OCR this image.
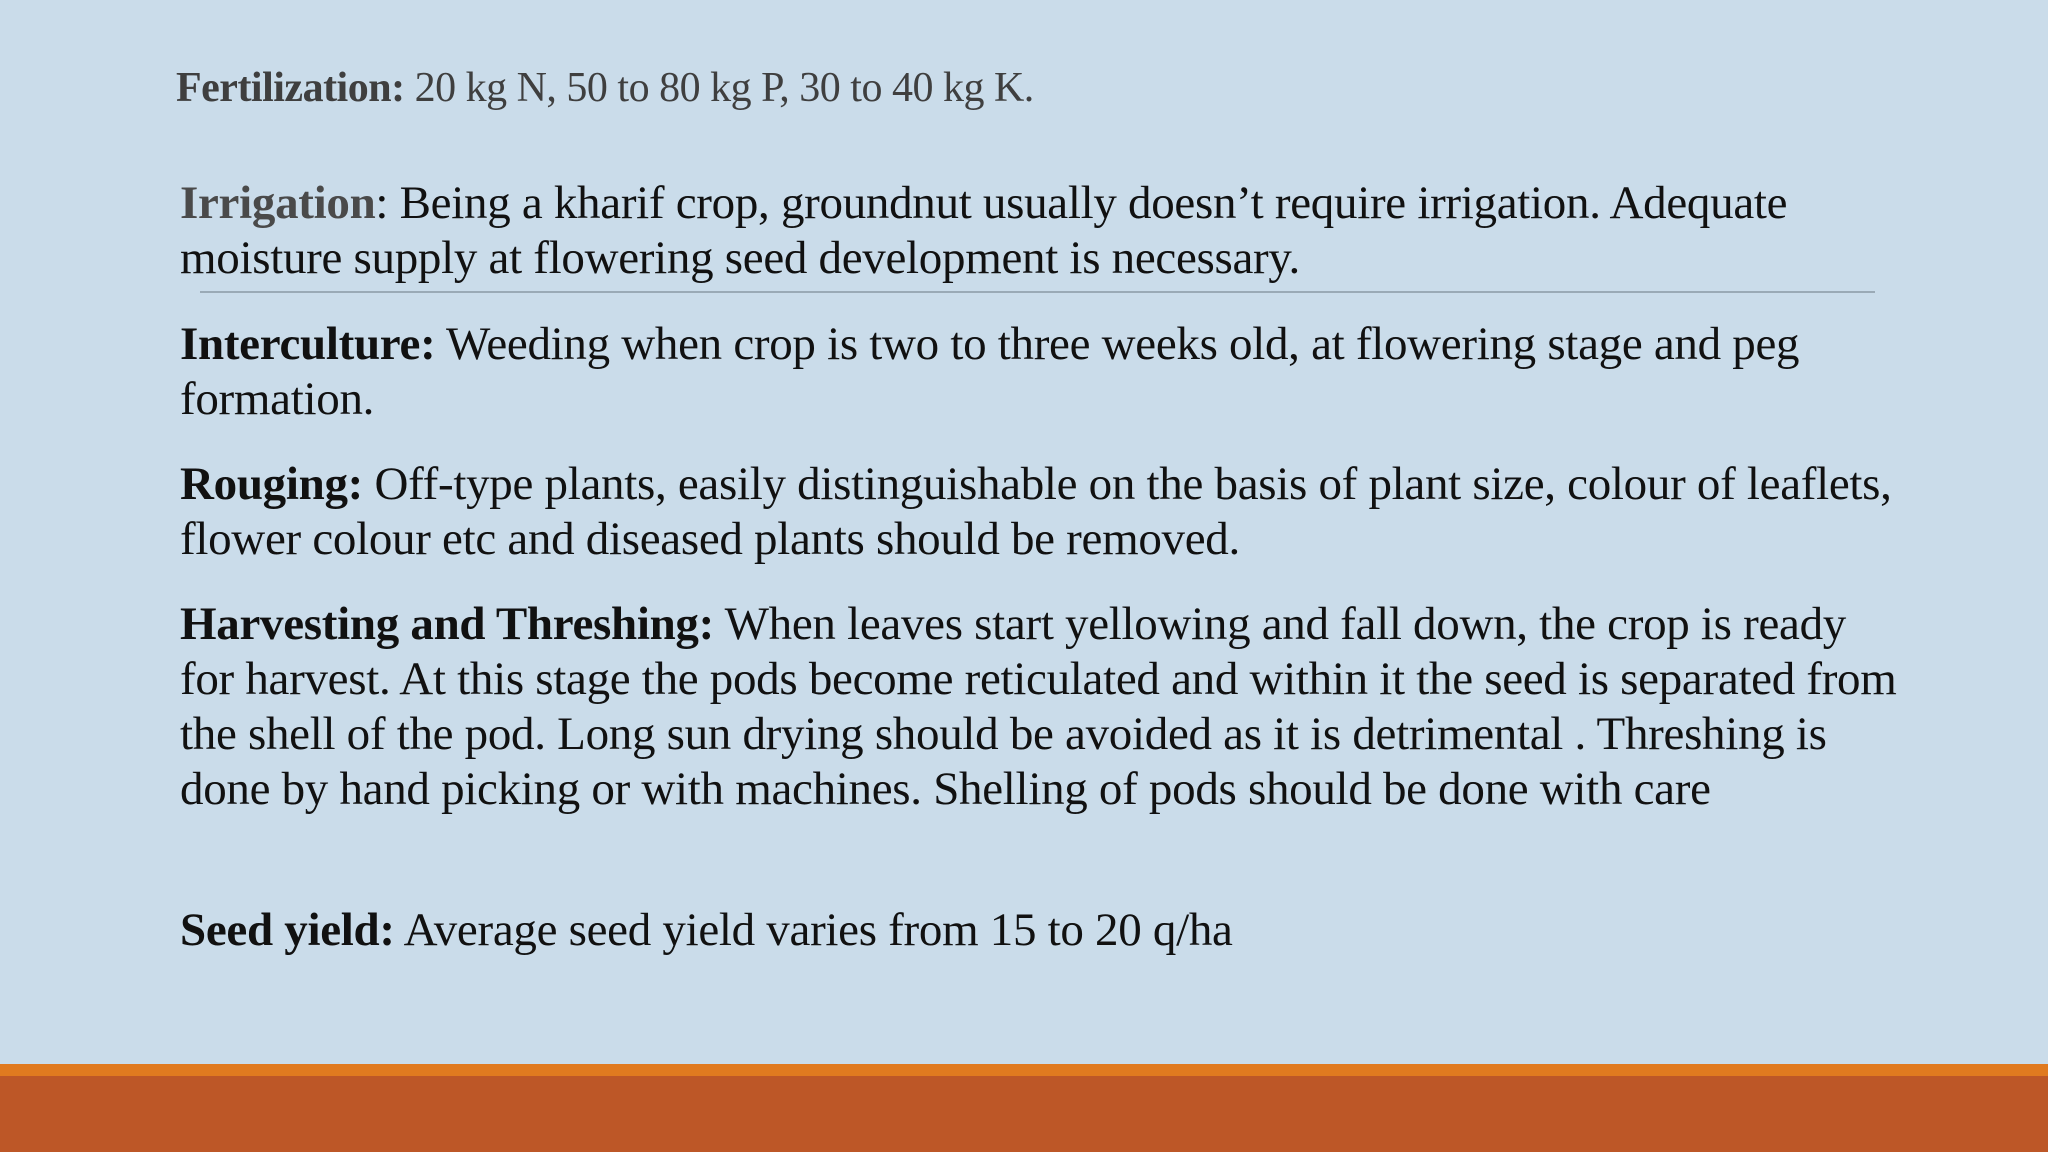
Fertilization: 20 kg N, 50 to 80 kg P, 30 to 40 kg K.
Irrigation: Being a kharif crop, groundnut usually doesn’t require irrigation. Adequate moisture supply at flowering seed development is necessary.
Interculture: Weeding when crop is two to three weeks old, at flowering stage and peg formation.
Rouging: Off-type plants, easily distinguishable on the basis of plant size, colour of leaflets, flower colour etc and diseased plants should be removed.
Harvesting and Threshing: When leaves start yellowing and fall down, the crop is ready for harvest. At this stage the pods become reticulated and within it the seed is separated from the shell of the pod. Long sun drying should be avoided as it is detrimental . Threshing is done by hand picking or with machines. Shelling of pods should be done with care
Seed yield: Average seed yield varies from 15 to 20 q/ha
